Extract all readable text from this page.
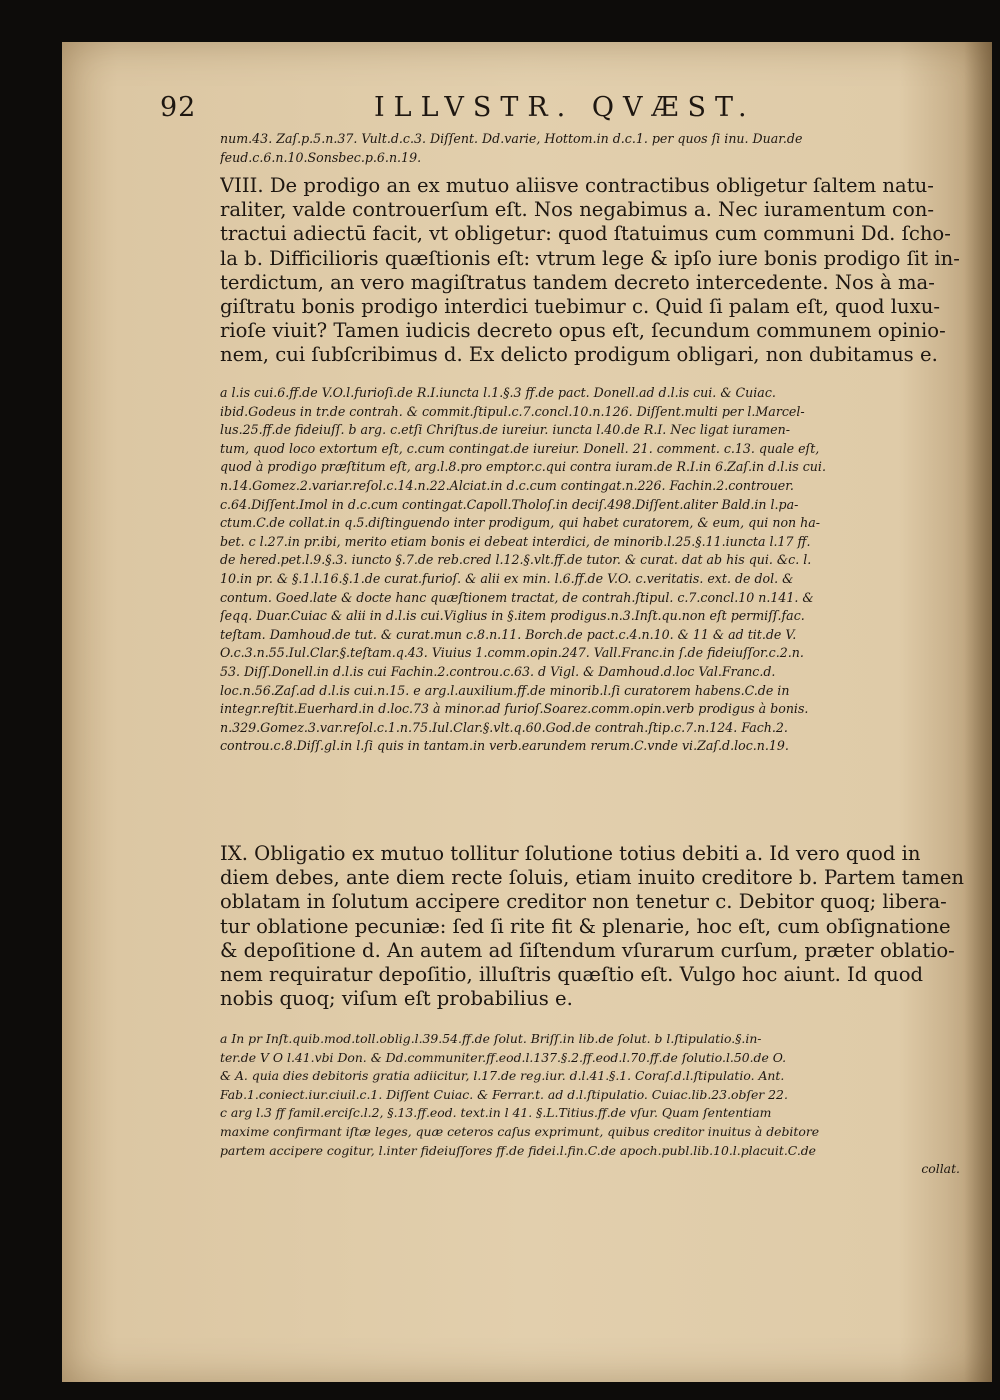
92	ILLVSTR. QVÆST.
num.43. Zaſ.p.5.n.37. Vult.d.c.3. Diſſent. Dd.varie, Hottom.in d.c.1. per quos ſi inu. Duar.de
feud.c.6.n.10.Sonsbec.p.6.n.19.
VIII. De prodigo an ex mutuo aliisve contractibus obligetur ſaltem natu-
raliter, valde controuerſum eſt. Nos negabimus a. Nec iuramentum con-
tractui adiectū facit, vt obligetur: quod ſtatuimus cum communi Dd. ſcho-
la b. Difficilioris quæſtionis eſt: vtrum lege & ipſo iure bonis prodigo ſit in-
terdictum, an vero magiſtratus tandem decreto intercedente. Nos à ma-
giſtratu bonis prodigo interdici tuebimur c. Quid ſi palam eſt, quod luxu-
rioſe viuit? Tamen iudicis decreto opus eſt, ſecundum communem opinio-
nem, cui ſubſcribimus d. Ex delicto prodigum obligari, non dubitamus e.
a l.is cui.6.ff.de V.O.l.furioſi.de R.I.iuncta l.1.§.3 ff.de pact. Donell.ad d.l.is cui. & Cuiac.
ibid.Godeus in tr.de contrah. & commit.ſtipul.c.7.concl.10.n.126. Diſſent.multi per l.Marcel-
lus.25.ff.de fideiuſſ. b arg. c.etſi Chriſtus.de iureiur. iuncta l.40.de R.I. Nec ligat iuramen-
tum, quod loco extortum eſt, c.cum contingat.de iureiur. Donell. 21. comment. c.13. quale eſt,
quod à prodigo præſtitum eſt, arg.l.8.pro emptor.c.qui contra iuram.de R.I.in 6.Zaſ.in d.l.is cui.
n.14.Gomez.2.variar.reſol.c.14.n.22.Alciat.in d.c.cum contingat.n.226. Fachin.2.controuer.
c.64.Diſſent.Imol in d.c.cum contingat.Capoll.Tholoſ.in deciſ.498.Diſſent.aliter Bald.in l.pa-
ctum.C.de collat.in q.5.diſtinguendo inter prodigum, qui habet curatorem, & eum, qui non ha-
bet. c l.27.in pr.ibi, merito etiam bonis ei debeat interdici, de minorib.l.25.§.11.iuncta l.17 ff.
de hered.pet.l.9.§.3. iuncto §.7.de reb.cred l.12.§.vlt.ff.de tutor. & curat. dat ab his qui. &c. l.
10.in pr. & §.1.l.16.§.1.de curat.furioſ. & alii ex min. l.6.ff.de V.O. c.veritatis. ext. de dol. &
contum. Goed.late & docte hanc quæſtionem tractat, de contrah.ſtipul. c.7.concl.10 n.141. &
ſeqq. Duar.Cuiac & alii in d.l.is cui.Viglius in §.item prodigus.n.3.Inſt.qu.non eſt permiſſ.fac.
teſtam. Damhoud.de tut. & curat.mun c.8.n.11. Borch.de pact.c.4.n.10. & 11 & ad tit.de V.
O.c.3.n.55.Iul.Clar.§.teſtam.q.43. Viuius 1.comm.opin.247. Vall.Franc.in ſ.de fideiuſſor.c.2.n.
53. Diſſ.Donell.in d.l.is cui Fachin.2.controu.c.63. d Vigl. & Damhoud.d.loc Val.Franc.d.
loc.n.56.Zaſ.ad d.l.is cui.n.15. e arg.l.auxilium.ff.de minorib.l.ſi curatorem habens.C.de in
integr.reſtit.Euerhard.in d.loc.73 à minor.ad furioſ.Soarez.comm.opin.verb prodigus à bonis.
n.329.Gomez.3.var.reſol.c.1.n.75.Iul.Clar.§.vlt.q.60.God.de contrah.ſtip.c.7.n.124. Fach.2.
controu.c.8.Diſſ.gl.in l.ſi quis in tantam.in verb.earundem rerum.C.vnde vi.Zaſ.d.loc.n.19.
IX. Obligatio ex mutuo tollitur ſolutione totius debiti a. Id vero quod in
diem debes, ante diem recte ſoluis, etiam inuito creditore b. Partem tamen
oblatam in ſolutum accipere creditor non tenetur c. Debitor quoq; libera-
tur oblatione pecuniæ: ſed ſi rite fit & plenarie, hoc eſt, cum obſignatione
& depoſitione d. An autem ad ſiſtendum vſurarum curſum, præter oblatio-
nem requiratur depoſitio, illuſtris quæſtio eſt. Vulgo hoc aiunt. Id quod
nobis quoq; viſum eſt probabilius e.
a In pr Inſt.quib.mod.toll.oblig.l.39.54.ff.de ſolut. Briſſ.in lib.de ſolut. b l.ſtipulatio.§.in-
ter.de V O l.41.vbi Don. & Dd.communiter.ff.eod.l.137.§.2.ff.eod.l.70.ff.de ſolutio.l.50.de O.
& A. quia dies debitoris gratia adiicitur, l.17.de reg.iur. d.l.41.§.1. Coraſ.d.l.ſtipulatio. Ant.
Fab.1.coniect.iur.ciuil.c.1. Diſſent Cuiac. & Ferrar.t. ad d.l.ſtipulatio. Cuiac.lib.23.obſer 22.
c arg l.3 ff famil.erciſc.l.2, §.13.ff.eod. text.in l 41. §.L.Titius.ff.de vſur. Quam ſententiam
maxime confirmant iſtæ leges, quæ ceteros caſus exprimunt, quibus creditor inuitus à debitore
partem accipere cogitur, l.inter fideiuſſores ff.de fidei.l.fin.C.de apoch.publ.lib.10.l.placuit.C.de
collat.
